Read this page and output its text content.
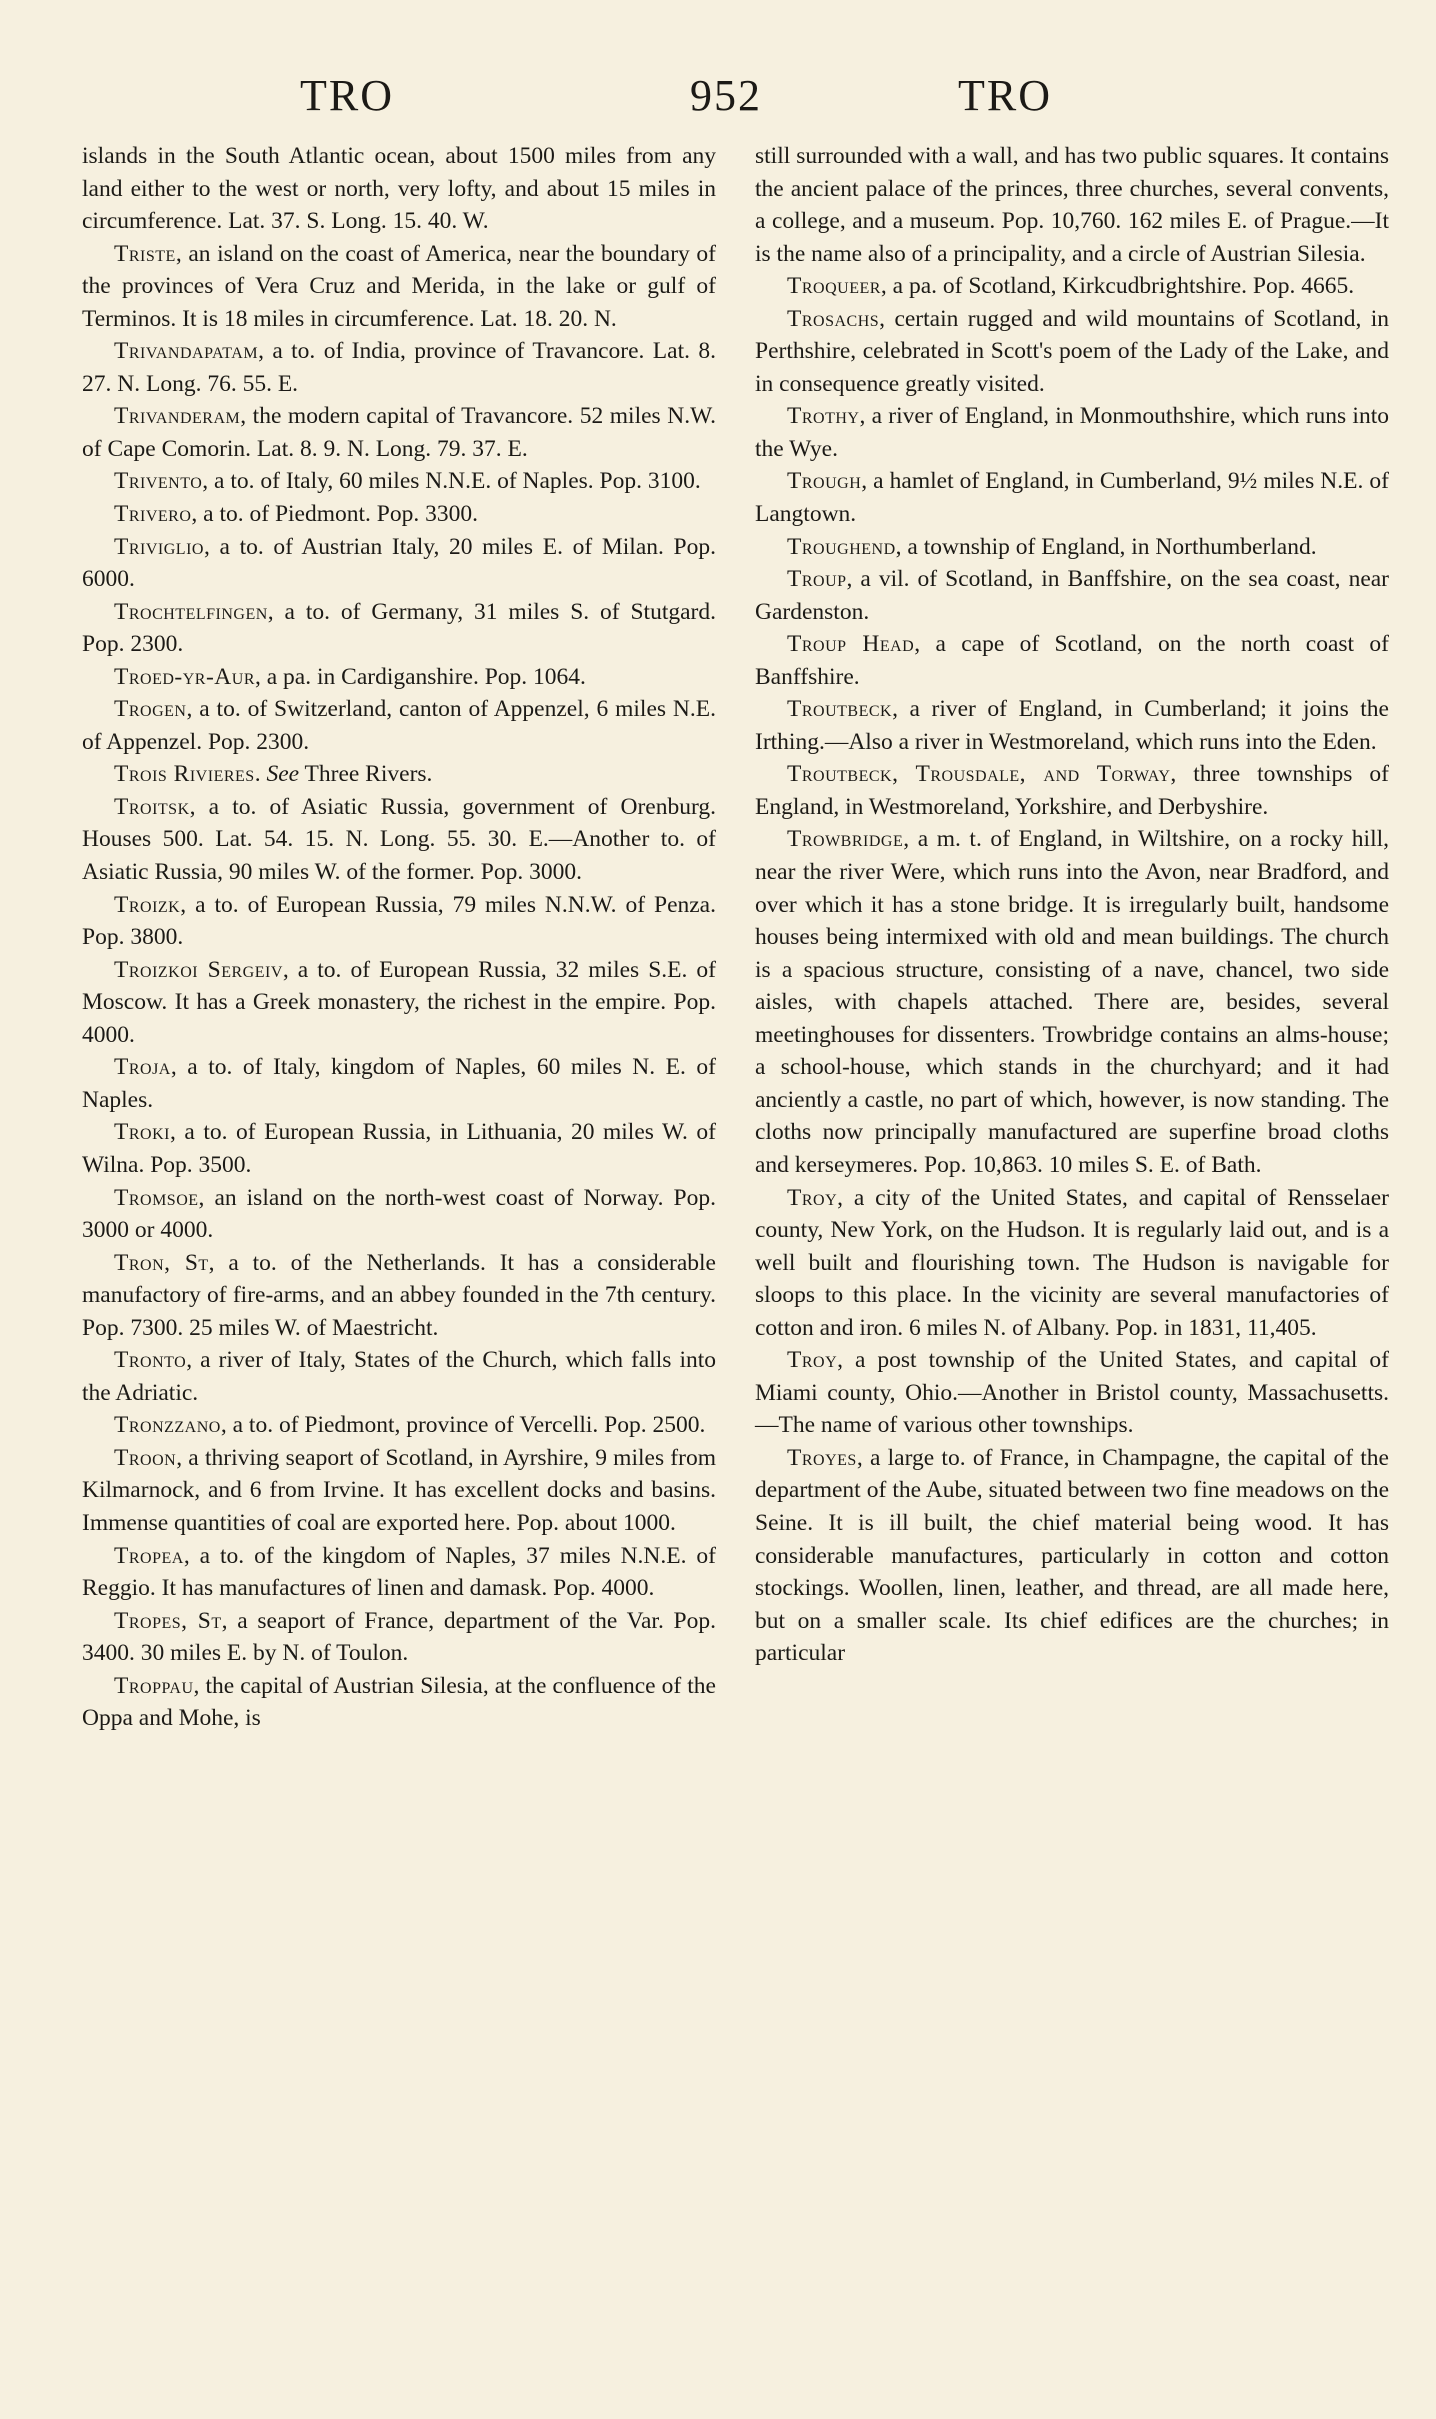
TRO	952	TRO

islands in the South Atlantic ocean, about 1500 miles from any land either to the west or north, very lofty, and about 15 miles in circumference. Lat. 37. S. Long. 15. 40. W.

Triste, an island on the coast of America, near the boundary of the provinces of Vera Cruz and Merida, in the lake or gulf of Terminos. It is 18 miles in circumference. Lat. 18. 20. N.

Trivandapatam, a to. of India, province of Travancore. Lat. 8. 27. N. Long. 76. 55. E.

Trivanderam, the modern capital of Travancore. 52 miles N.W. of Cape Comorin. Lat. 8. 9. N. Long. 79. 37. E.

Trivento, a to. of Italy, 60 miles N.N.E. of Naples. Pop. 3100.

Trivero, a to. of Piedmont. Pop. 3300.

Triviglio, a to. of Austrian Italy, 20 miles E. of Milan. Pop. 6000.

Trochtelfingen, a to. of Germany, 31 miles S. of Stutgard. Pop. 2300.

Troed-yr-Aur, a pa. in Cardiganshire. Pop. 1064.

Trogen, a to. of Switzerland, canton of Appenzel, 6 miles N.E. of Appenzel. Pop. 2300.

Trois Rivieres. See Three Rivers.

Troitsk, a to. of Asiatic Russia, government of Orenburg. Houses 500. Lat. 54. 15. N. Long. 55. 30. E.—Another to. of Asiatic Russia, 90 miles W. of the former. Pop. 3000.

Troizk, a to. of European Russia, 79 miles N.N.W. of Penza. Pop. 3800.

Troizkoi Sergeiv, a to. of European Russia, 32 miles S.E. of Moscow. It has a Greek monastery, the richest in the empire. Pop. 4000.

Troja, a to. of Italy, kingdom of Naples, 60 miles N. E. of Naples.

Troki, a to. of European Russia, in Lithuania, 20 miles W. of Wilna. Pop. 3500.

Tromsoe, an island on the north-west coast of Norway. Pop. 3000 or 4000.

Tron, St, a to. of the Netherlands. It has a considerable manufactory of fire-arms, and an abbey founded in the 7th century. Pop. 7300. 25 miles W. of Maestricht.

Tronto, a river of Italy, States of the Church, which falls into the Adriatic.

Tronzzano, a to. of Piedmont, province of Vercelli. Pop. 2500.

Troon, a thriving seaport of Scotland, in Ayrshire, 9 miles from Kilmarnock, and 6 from Irvine. It has excellent docks and basins. Immense quantities of coal are exported here. Pop. about 1000.

Tropea, a to. of the kingdom of Naples, 37 miles N.N.E. of Reggio. It has manufactures of linen and damask. Pop. 4000.

Tropes, St, a seaport of France, department of the Var. Pop. 3400. 30 miles E. by N. of Toulon.

Troppau, the capital of Austrian Silesia, at the confluence of the Oppa and Mohe, is

still surrounded with a wall, and has two public squares. It contains the ancient palace of the princes, three churches, several convents, a college, and a museum. Pop. 10,760. 162 miles E. of Prague.—It is the name also of a principality, and a circle of Austrian Silesia.

Troqueer, a pa. of Scotland, Kirkcudbrightshire. Pop. 4665.

Trosachs, certain rugged and wild mountains of Scotland, in Perthshire, celebrated in Scott's poem of the Lady of the Lake, and in consequence greatly visited.

Trothy, a river of England, in Monmouthshire, which runs into the Wye.

Trough, a hamlet of England, in Cumberland, 9½ miles N.E. of Langtown.

Troughend, a township of England, in Northumberland.

Troup, a vil. of Scotland, in Banffshire, on the sea coast, near Gardenston.

Troup Head, a cape of Scotland, on the north coast of Banffshire.

Troutbeck, a river of England, in Cumberland; it joins the Irthing.—Also a river in Westmoreland, which runs into the Eden.

Troutbeck, Trousdale, and Torway, three townships of England, in Westmoreland, Yorkshire, and Derbyshire.

Trowbridge, a m. t. of England, in Wiltshire, on a rocky hill, near the river Were, which runs into the Avon, near Bradford, and over which it has a stone bridge. It is irregularly built, handsome houses being intermixed with old and mean buildings. The church is a spacious structure, consisting of a nave, chancel, two side aisles, with chapels attached. There are, besides, several meetinghouses for dissenters. Trowbridge contains an alms-house; a school-house, which stands in the churchyard; and it had anciently a castle, no part of which, however, is now standing. The cloths now principally manufactured are superfine broad cloths and kerseymeres. Pop. 10,863. 10 miles S. E. of Bath.

Troy, a city of the United States, and capital of Rensselaer county, New York, on the Hudson. It is regularly laid out, and is a well built and flourishing town. The Hudson is navigable for sloops to this place. In the vicinity are several manufactories of cotton and iron. 6 miles N. of Albany. Pop. in 1831, 11,405.

Troy, a post township of the United States, and capital of Miami county, Ohio.—Another in Bristol county, Massachusetts.—The name of various other townships.

Troyes, a large to. of France, in Champagne, the capital of the department of the Aube, situated between two fine meadows on the Seine. It is ill built, the chief material being wood. It has considerable manufactures, particularly in cotton and cotton stockings. Woollen, linen, leather, and thread, are all made here, but on a smaller scale. Its chief edifices are the churches; in particular
